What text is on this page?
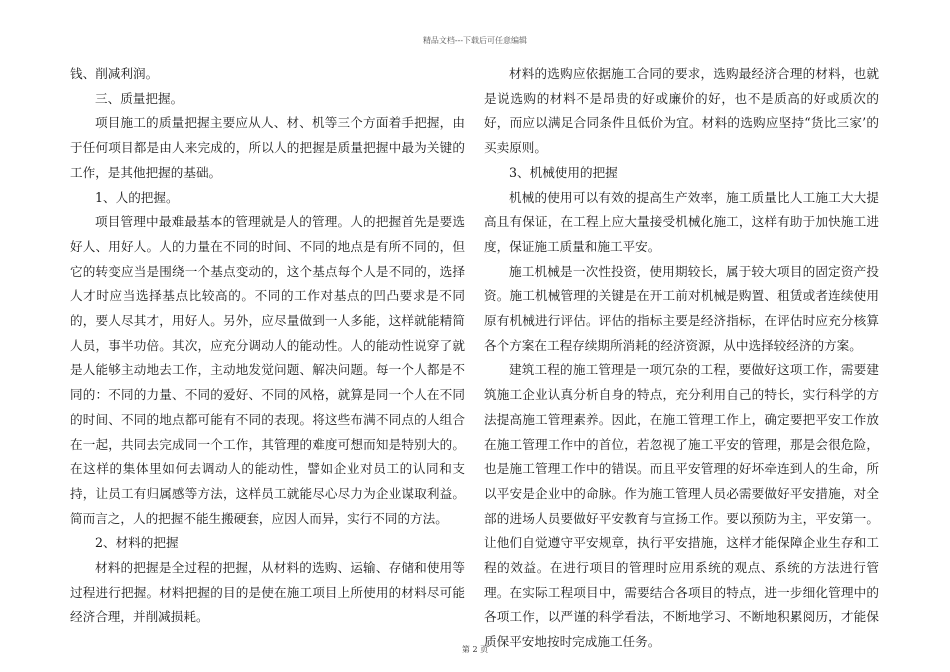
精品文档---下载后可任意编辑

钱、削减利润。

三、质量把握。

项目施工的质量把握主要应从人、材、机等三个方面着手把握，由于任何项目都是由人来完成的，所以人的把握是质量把握中最为关键的工作，是其他把握的基础。

1、人的把握。

项目管理中最难最基本的管理就是人的管理。人的把握首先是要选好人、用好人。人的力量在不同的时间、不同的地点是有所不同的，但它的转变应当是围绕一个基点变动的，这个基点每个人是不同的，选择人才时应当选择基点比较高的。不同的工作对基点的凹凸要求是不同的，要人尽其才，用好人。另外，应尽量做到一人多能，这样就能精简人员，事半功倍。其次，应充分调动人的能动性。人的能动性说穿了就是人能够主动地去工作，主动地发觉问题、解决问题。每一个人都是不同的：不同的力量、不同的爱好、不同的风格，就算是同一个人在不同的时间、不同的地点都可能有不同的表现。将这些布满不同点的人组合在一起，共同去完成同一个工作，其管理的难度可想而知是特别大的。在这样的集体里如何去调动人的能动性，譬如企业对员工的认同和支持，让员工有归属感等方法，这样员工就能尽心尽力为企业谋取利益。简而言之，人的把握不能生搬硬套，应因人而异，实行不同的方法。

2、材料的把握

材料的把握是全过程的把握，从材料的选购、运输、存储和使用等过程进行把握。材料把握的目的是使在施工项目上所使用的材料尽可能经济合理，并削减损耗。

材料的选购应依据施工合同的要求，选购最经济合理的材料，也就是说选购的材料不是昂贵的好或廉价的好，也不是质高的好或质次的好，而应以满足合同条件且低价为宜。材料的选购应坚持“货比三家’的买卖原则。

3、机械使用的把握

机械的使用可以有效的提高生产效率，施工质量比人工施工大大提高且有保证，在工程上应大量接受机械化施工，这样有助于加快施工进度，保证施工质量和施工平安。

施工机械是一次性投资，使用期较长，属于较大项目的固定资产投资。施工机械管理的关键是在开工前对机械是购置、租赁或者连续使用原有机械进行评估。评估的指标主要是经济指标，在评估时应充分核算各个方案在工程存续期所消耗的经济资源，从中选择较经济的方案。

建筑工程的施工管理是一项冗杂的工程，要做好这项工作，需要建筑施工企业认真分析自身的特点，充分利用自己的特长，实行科学的方法提高施工管理素养。因此，在施工管理工作上，确定要把平安工作放在施工管理工作中的首位，若忽视了施工平安的管理，那是会很危险，也是施工管理工作中的错误。而且平安管理的好坏牵连到人的生命，所以平安是企业中的命脉。作为施工管理人员必需要做好平安措施，对全部的进场人员要做好平安教育与宣扬工作。要以预防为主，平安第一。让他们自觉遵守平安规章，执行平安措施，这样才能保障企业生存和工程的效益。在进行项目的管理时应用系统的观点、系统的方法进行管理。在实际工程项目中，需要结合各项目的特点，进一步细化管理中的各项工作，以严谨的科学看法，不断地学习、不断地积累阅历，才能保质保平安地按时完成施工任务。

第 2 页
